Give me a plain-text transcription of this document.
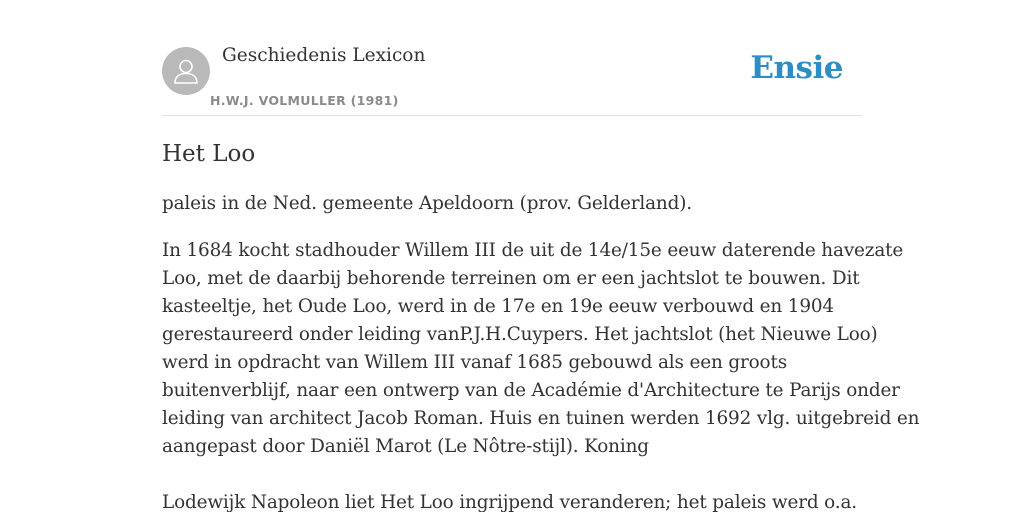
Geschiedenis Lexicon
H.W.J. VOLMULLER (1981)
Ensie
Het Loo

paleis in de Ned. gemeente Apeldoorn (prov. Gelderland).

In 1684 kocht stadhouder Willem III de uit de 14e/15e eeuw daterende havezate
Loo, met de daarbij behorende terreinen om er een jachtslot te bouwen. Dit
kasteeltje, het Oude Loo, werd in de 17e en 19e eeuw verbouwd en 1904
gerestaureerd onder leiding vanP.J.H.Cuypers. Het jachtslot (het Nieuwe Loo)
werd in opdracht van Willem III vanaf 1685 gebouwd als een groots
buitenverblijf, naar een ontwerp van de Académie d'Architecture te Parijs onder
leiding van architect Jacob Roman. Huis en tuinen werden 1692 vlg. uitgebreid en
aangepast door Daniël Marot (Le Nôtre-stijl). Koning

Lodewijk Napoleon liet Het Loo ingrijpend veranderen; het paleis werd o.a.
